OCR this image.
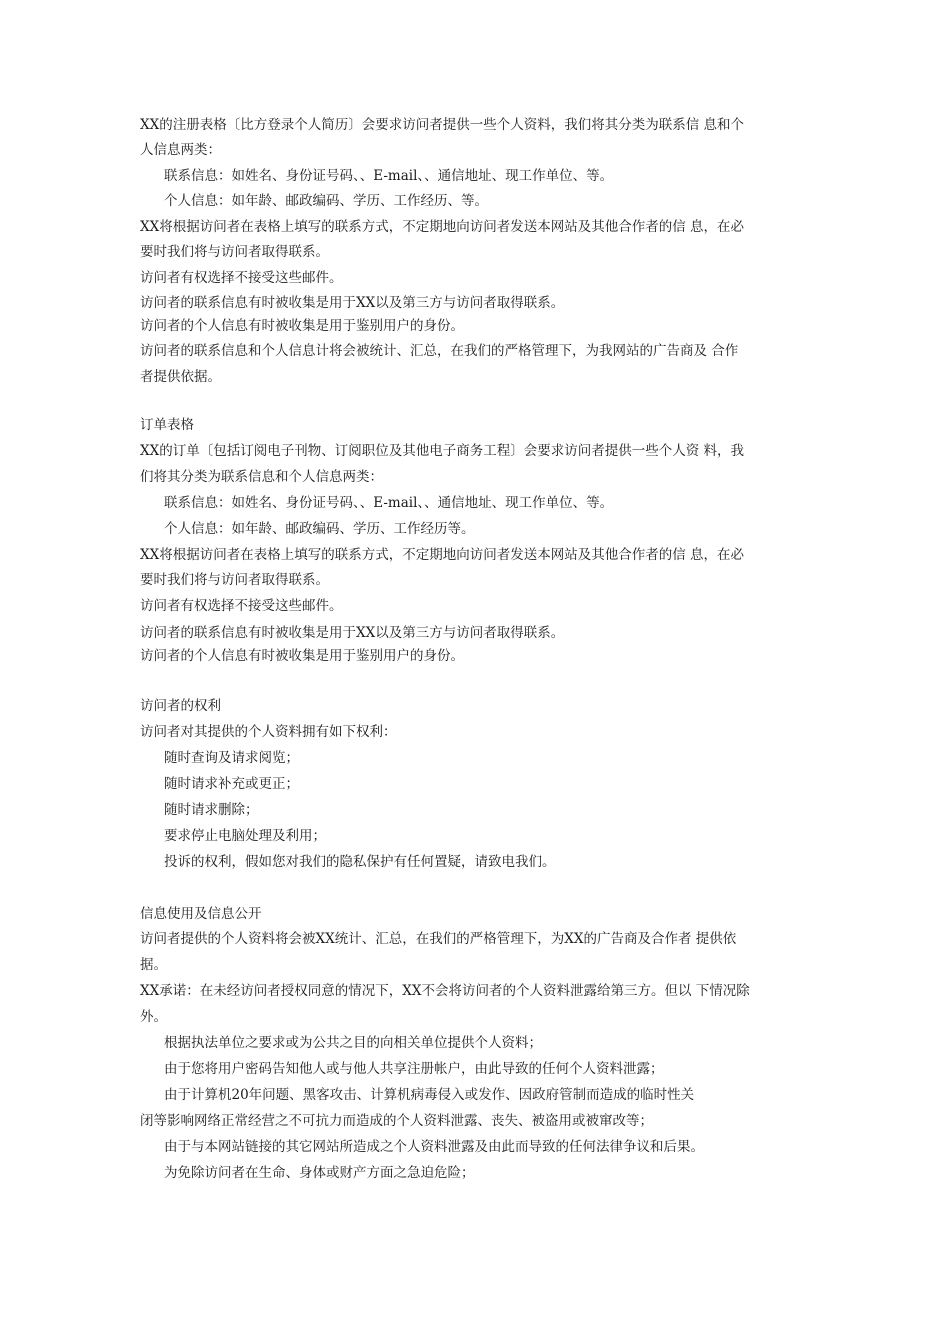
XX的注册表格〔比方登录个人简历〕会要求访问者提供一些个人资料，我们将其分类为联系信 息和个

人信息两类：

联系信息：如姓名、身份证号码、、E-mail、、通信地址、现工作单位、等。

个人信息：如年龄、邮政编码、学历、工作经历、等。

XX将根据访问者在表格上填写的联系方式，不定期地向访问者发送本网站及其他合作者的信 息，在必

要时我们将与访问者取得联系。

访问者有权选择不接受这些邮件。

访问者的联系信息有时被收集是用于XX以及第三方与访问者取得联系。

访问者的个人信息有时被收集是用于鉴别用户的身份。

访问者的联系信息和个人信息计将会被统计、汇总，在我们的严格管理下，为我网站的广告商及 合作

者提供依据。

订单表格

XX的订单〔包括订阅电子刊物、订阅职位及其他电子商务工程〕会要求访问者提供一些个人资 料，我

们将其分类为联系信息和个人信息两类：

联系信息：如姓名、身份证号码、、E-mail、、通信地址、现工作单位、等。

个人信息：如年龄、邮政编码、学历、工作经历等。

XX将根据访问者在表格上填写的联系方式，不定期地向访问者发送本网站及其他合作者的信 息，在必

要时我们将与访问者取得联系。

访问者有权选择不接受这些邮件。

访问者的联系信息有时被收集是用于XX以及第三方与访问者取得联系。

访问者的个人信息有时被收集是用于鉴别用户的身份。

访问者的权利

访问者对其提供的个人资料拥有如下权利：

随时查询及请求阅览；

随时请求补充或更正；

随时请求删除；

要求停止电脑处理及利用；

投诉的权利，假如您对我们的隐私保护有任何置疑，请致电我们。

信息使用及信息公开

访问者提供的个人资料将会被XX统计、汇总，在我们的严格管理下，为XX的广告商及合作者 提供依

据。

XX承诺：在未经访问者授权同意的情况下，XX不会将访问者的个人资料泄露给第三方。但以 下情况除

外。

根据执法单位之要求或为公共之目的向相关单位提供个人资料；

由于您将用户密码告知他人或与他人共享注册帐户，由此导致的任何个人资料泄露；

由于计算机20年问题、黑客攻击、计算机病毒侵入或发作、因政府管制而造成的临时性关

闭等影响网络正常经营之不可抗力而造成的个人资料泄露、丧失、被盗用或被窜改等；

由于与本网站链接的其它网站所造成之个人资料泄露及由此而导致的任何法律争议和后果。

为免除访问者在生命、身体或财产方面之急迫危险；
